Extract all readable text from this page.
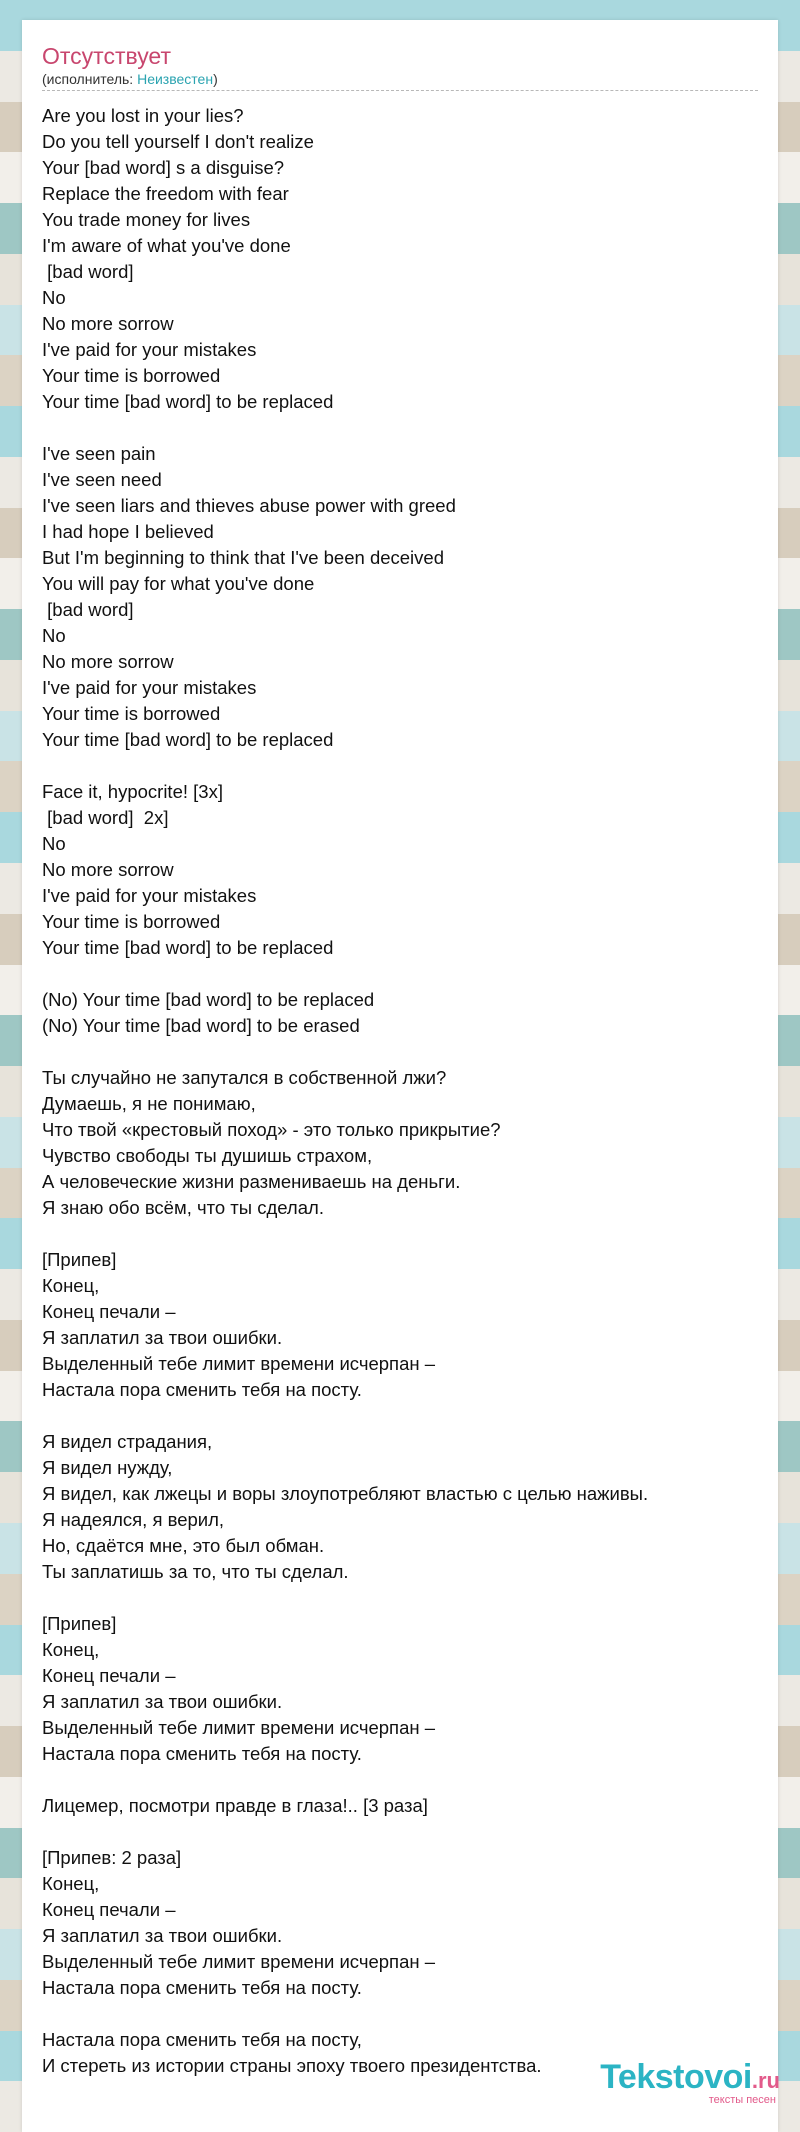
Отсутствует
(исполнитель: Неизвестен)
Are you lost in your lies?
Do you tell yourself I don't realize
Your [bad word] s a disguise?
Replace the freedom with fear
You trade money for lives
I'm aware of what you've done
[bad word]
No
No more sorrow
I've paid for your mistakes
Your time is borrowed
Your time [bad word] to be replaced
I've seen pain
I've seen need
I've seen liars and thieves abuse power with greed
I had hope I believed
But I'm beginning to think that I've been deceived
You will pay for what you've done
[bad word]
No
No more sorrow
I've paid for your mistakes
Your time is borrowed
Your time [bad word] to be replaced
Face it, hypocrite! [3x]
[bad word]  2x]
No
No more sorrow
I've paid for your mistakes
Your time is borrowed
Your time [bad word] to be replaced
(No) Your time [bad word] to be replaced
(No) Your time [bad word] to be erased
Ты случайно не запутался в собственной лжи?
Думаешь, я не понимаю,
Что твой «крестовый поход» - это только прикрытие?
Чувство свободы ты душишь страхом,
А человеческие жизни размениваешь на деньги.
Я знаю обо всём, что ты сделал.
[Припев]
Конец,
Конец печали –
Я заплатил за твои ошибки.
Выделенный тебе лимит времени исчерпан –
Настала пора сменить тебя на посту.
Я видел страдания,
Я видел нужду,
Я видел, как лжецы и воры злоупотребляют властью с целью наживы.
Я надеялся, я верил,
Но, сдаётся мне, это был обман.
Ты заплатишь за то, что ты сделал.
[Припев]
Конец,
Конец печали –
Я заплатил за твои ошибки.
Выделенный тебе лимит времени исчерпан –
Настала пора сменить тебя на посту.
Лицемер, посмотри правде в глаза!.. [3 раза]
[Припев: 2 раза]
Конец,
Конец печали –
Я заплатил за твои ошибки.
Выделенный тебе лимит времени исчерпан –
Настала пора сменить тебя на посту.
Настала пора сменить тебя на посту,
И стереть из истории страны эпоху твоего президентства.	Tekstovoi.ru
тексты песен
